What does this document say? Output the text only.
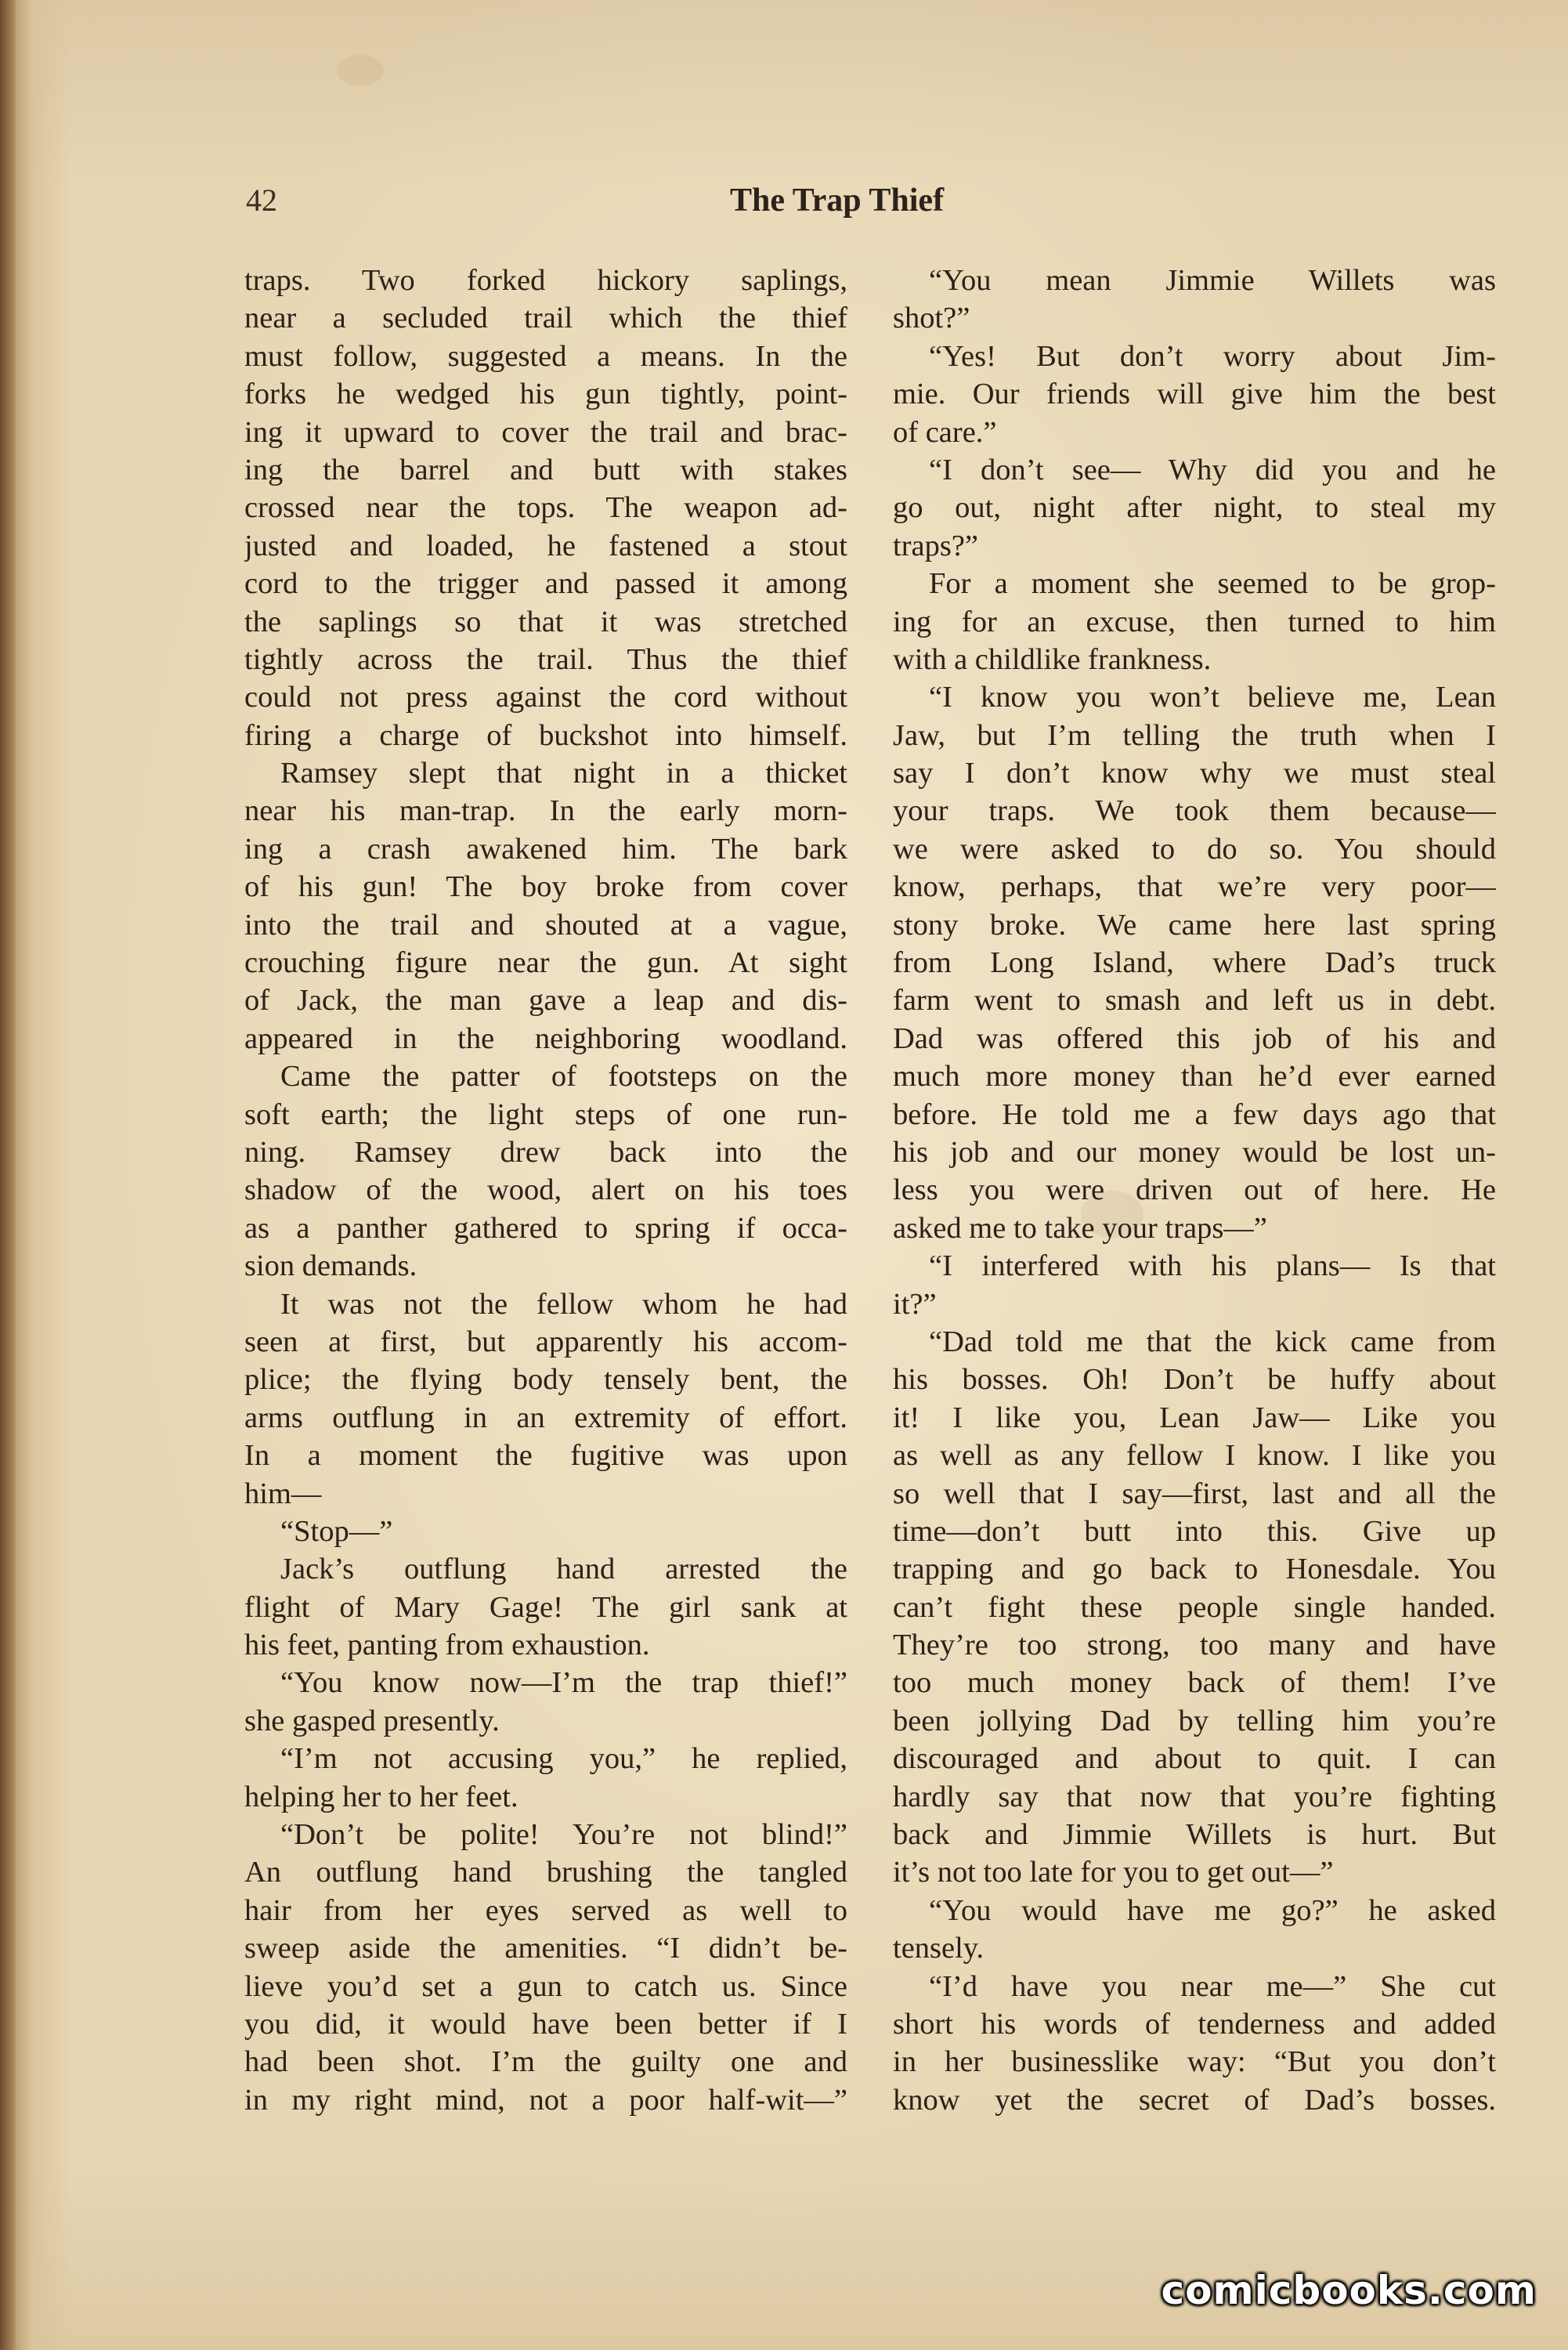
42	The Trap Thief
traps. Two forked hickory saplings,
near a secluded trail which the thief
must follow, suggested a means. In the
forks he wedged his gun tightly, point-
ing it upward to cover the trail and brac-
ing the barrel and butt with stakes
crossed near the tops. The weapon ad-
justed and loaded, he fastened a stout
cord to the trigger and passed it among
the saplings so that it was stretched
tightly across the trail. Thus the thief
could not press against the cord without
firing a charge of buckshot into himself.
Ramsey slept that night in a thicket
near his man-trap. In the early morn-
ing a crash awakened him. The bark
of his gun! The boy broke from cover
into the trail and shouted at a vague,
crouching figure near the gun. At sight
of Jack, the man gave a leap and dis-
appeared in the neighboring woodland.
Came the patter of footsteps on the
soft earth; the light steps of one run-
ning. Ramsey drew back into the
shadow of the wood, alert on his toes
as a panther gathered to spring if occa-
sion demands.
It was not the fellow whom he had
seen at first, but apparently his accom-
plice; the flying body tensely bent, the
arms outflung in an extremity of effort.
In a moment the fugitive was upon
him—
“Stop—”
Jack’s outflung hand arrested the
flight of Mary Gage! The girl sank at
his feet, panting from exhaustion.
“You know now—I’m the trap thief!”
she gasped presently.
“I’m not accusing you,” he replied,
helping her to her feet.
“Don’t be polite! You’re not blind!”
An outflung hand brushing the tangled
hair from her eyes served as well to
sweep aside the amenities. “I didn’t be-
lieve you’d set a gun to catch us. Since
you did, it would have been better if I
had been shot. I’m the guilty one and
in my right mind, not a poor half-wit—”
“You mean Jimmie Willets was
shot?”
“Yes! But don’t worry about Jim-
mie. Our friends will give him the best
of care.”
“I don’t see— Why did you and he
go out, night after night, to steal my
traps?”
For a moment she seemed to be grop-
ing for an excuse, then turned to him
with a childlike frankness.
“I know you won’t believe me, Lean
Jaw, but I’m telling the truth when I
say I don’t know why we must steal
your traps. We took them because—
we were asked to do so. You should
know, perhaps, that we’re very poor—
stony broke. We came here last spring
from Long Island, where Dad’s truck
farm went to smash and left us in debt.
Dad was offered this job of his and
much more money than he’d ever earned
before. He told me a few days ago that
his job and our money would be lost un-
less you were driven out of here. He
asked me to take your traps—”
“I interfered with his plans— Is that
it?”
“Dad told me that the kick came from
his bosses. Oh! Don’t be huffy about
it! I like you, Lean Jaw— Like you
as well as any fellow I know. I like you
so well that I say—first, last and all the
time—don’t butt into this. Give up
trapping and go back to Honesdale. You
can’t fight these people single handed.
They’re too strong, too many and have
too much money back of them! I’ve
been jollying Dad by telling him you’re
discouraged and about to quit. I can
hardly say that now that you’re fighting
back and Jimmie Willets is hurt. But
it’s not too late for you to get out—”
“You would have me go?” he asked
tensely.
“I’d have you near me—” She cut
short his words of tenderness and added
in her businesslike way: “But you don’t
know yet the secret of Dad’s bosses.
comicbooks.com
